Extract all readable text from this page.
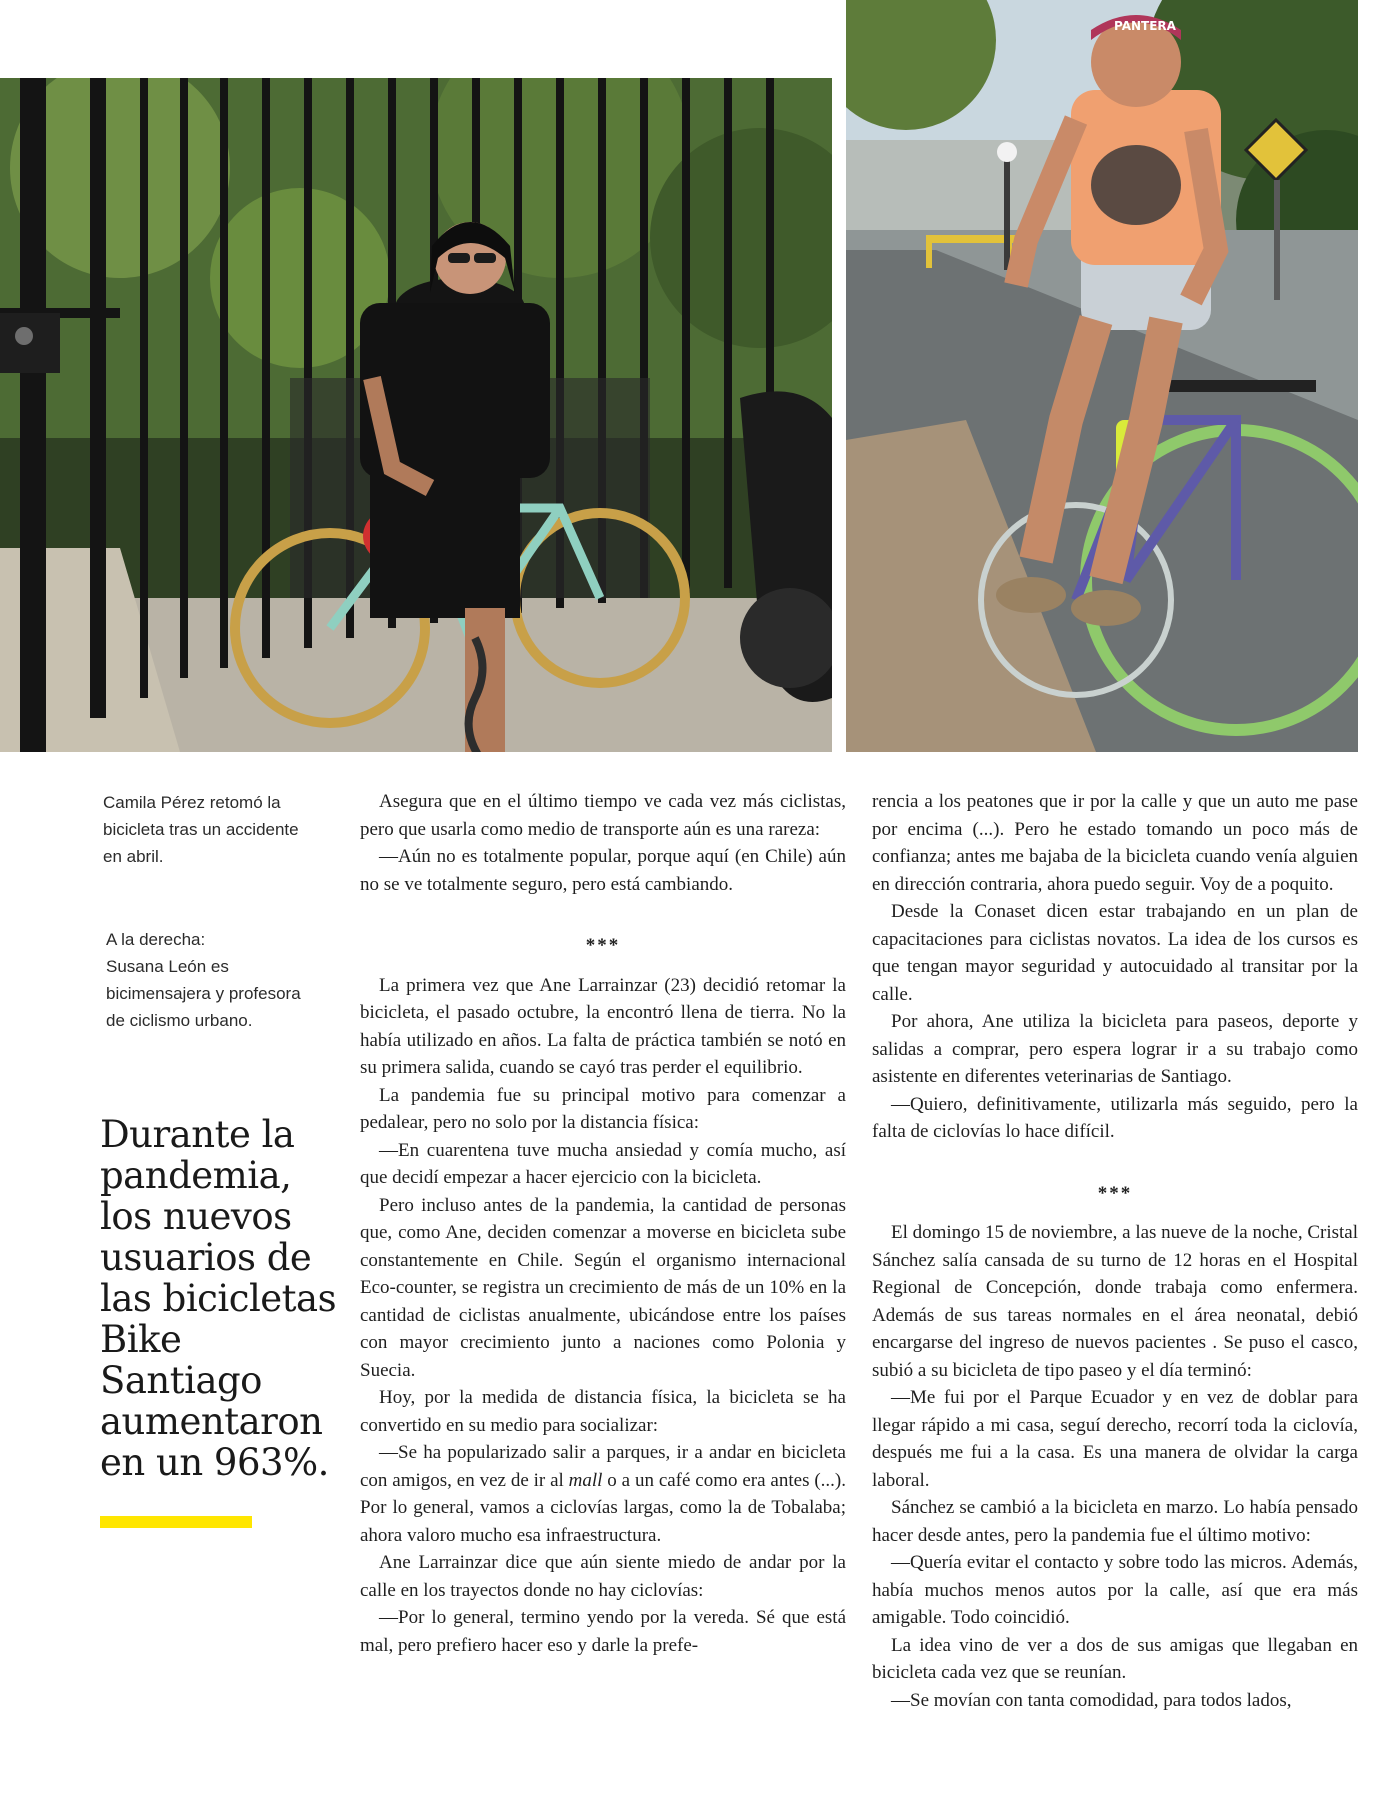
PANTERA
Camila Pérez retomó la bicicleta tras un accidente en abril.
A la derecha:
Susana León es bicimensajera y profesora de ciclismo urbano.
Durante la pandemia, los nuevos usuarios de las bicicletas Bike Santiago aumentaron en un 963%.

Asegura que en el último tiempo ve cada vez más ciclistas, pero que usarla como medio de transporte aún es una rareza:

—Aún no es totalmente popular, porque aquí (en Chile) aún no se ve totalmente seguro, pero está cambiando.

***

La primera vez que Ane Larrainzar (23) decidió retomar la bicicleta, el pasado octubre, la encontró llena de tierra. No la había utilizado en años. La falta de práctica también se notó en su primera salida, cuando se cayó tras perder el equilibrio.

La pandemia fue su principal motivo para comenzar a pedalear, pero no solo por la distancia física:

—En cuarentena tuve mucha ansiedad y comía mucho, así que decidí empezar a hacer ejercicio con la bicicleta.

Pero incluso antes de la pandemia, la cantidad de personas que, como Ane, deciden comenzar a moverse en bicicleta sube constantemente en Chile. Según el organismo internacional Eco-counter, se registra un crecimiento de más de un 10% en la cantidad de ciclistas anualmente, ubicándose entre los países con mayor crecimiento junto a naciones como Polonia y Suecia.

Hoy, por la medida de distancia física, la bicicleta se ha convertido en su medio para socializar:

—Se ha popularizado salir a parques, ir a andar en bicicleta con amigos, en vez de ir al mall o a un café como era antes (...). Por lo general, vamos a ciclovías largas, como la de Tobalaba; ahora valoro mucho esa infraestructura.

Ane Larrainzar dice que aún siente miedo de andar por la calle en los trayectos donde no hay ciclovías:

—Por lo general, termino yendo por la vereda. Sé que está mal, pero prefiero hacer eso y darle la prefe-

rencia a los peatones que ir por la calle y que un auto me pase por encima (...). Pero he estado tomando un poco más de confianza; antes me bajaba de la bicicleta cuando venía alguien en dirección contraria, ahora puedo seguir. Voy de a poquito.

Desde la Conaset dicen estar trabajando en un plan de capacitaciones para ciclistas novatos. La idea de los cursos es que tengan mayor seguridad y autocuidado al transitar por la calle.

Por ahora, Ane utiliza la bicicleta para paseos, deporte y salidas a comprar, pero espera lograr ir a su trabajo como asistente en diferentes veterinarias de Santiago.

—Quiero, definitivamente, utilizarla más seguido, pero la falta de ciclovías lo hace difícil.

***

El domingo 15 de noviembre, a las nueve de la noche, Cristal Sánchez salía cansada de su turno de 12 horas en el Hospital Regional de Concepción, donde trabaja como enfermera. Además de sus tareas normales en el área neonatal, debió encargarse del ingreso de nuevos pacientes . Se puso el casco, subió a su bicicleta de tipo paseo y el día terminó:

—Me fui por el Parque Ecuador y en vez de doblar para llegar rápido a mi casa, seguí derecho, recorrí toda la ciclovía, después me fui a la casa. Es una manera de olvidar la carga laboral.

Sánchez se cambió a la bicicleta en marzo. Lo había pensado hacer desde antes, pero la pandemia fue el último motivo:

—Quería evitar el contacto y sobre todo las micros. Además, había muchos menos autos por la calle, así que era más amigable. Todo coincidió.

La idea vino de ver a dos de sus amigas que llegaban en bicicleta cada vez que se reunían.

—Se movían con tanta comodidad, para todos lados,
